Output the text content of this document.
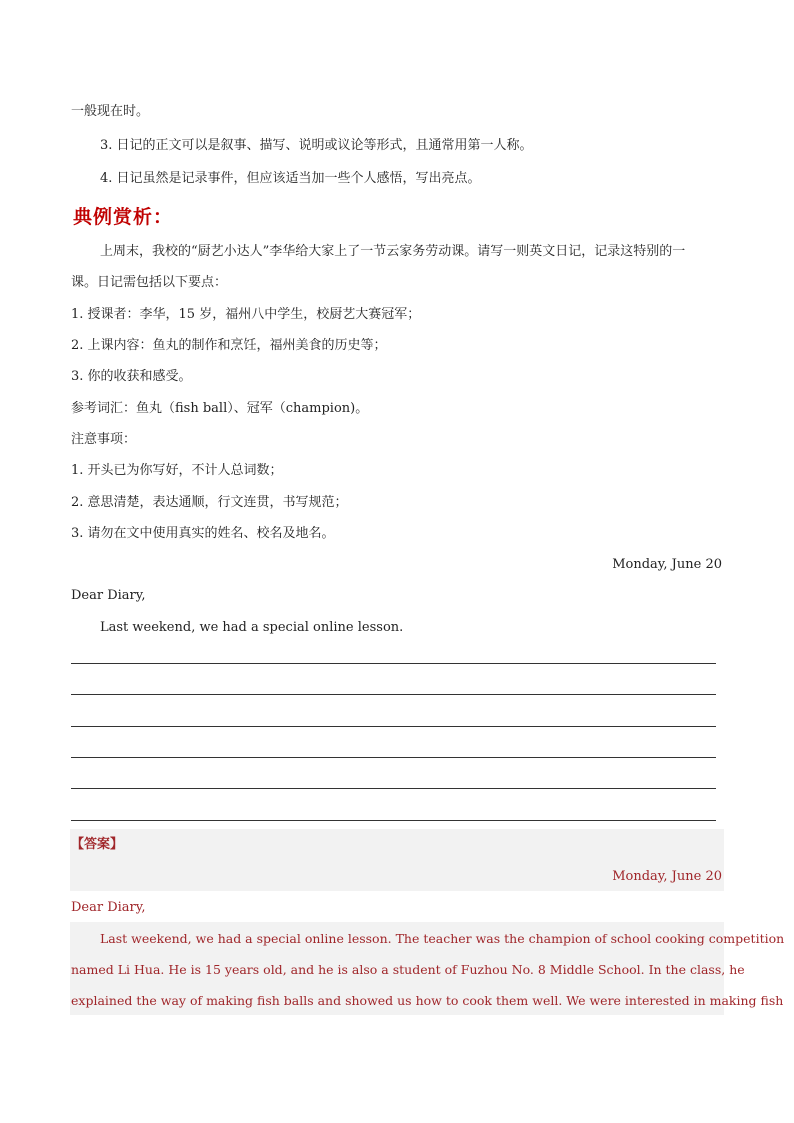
一般现在时。
3. 日记的正文可以是叙事、描写、说明或议论等形式，且通常用第一人称。
4. 日记虽然是记录事件，但应该适当加一些个人感悟，写出亮点。
典例赏析：
上周末，我校的“厨艺小达人”李华给大家上了一节云家务劳动课。请写一则英文日记，记录这特别的一
课。日记需包括以下要点：
1. 授课者：李华，15 岁，福州八中学生，校厨艺大赛冠军；
2. 上课内容：鱼丸的制作和烹饪，福州美食的历史等；
3. 你的收获和感受。
参考词汇：鱼丸（fish ball）、冠军（champion)。
注意事项：
1. 开头已为你写好，不计人总词数；
2. 意思清楚，表达通顺，行文连贯，书写规范；
3. 请勿在文中使用真实的姓名、校名及地名。
Monday, June 20
Dear Diary,
Last weekend, we had a special online lesson.
【答案】
Monday, June 20
Dear Diary,
Last weekend, we had a special online lesson. The teacher was the champion of school cooking competition
named Li Hua. He is 15 years old, and he is also a student of Fuzhou No. 8 Middle School. In the class, he
explained the way of making fish balls and showed us how to cook them well. We were interested in making fish
